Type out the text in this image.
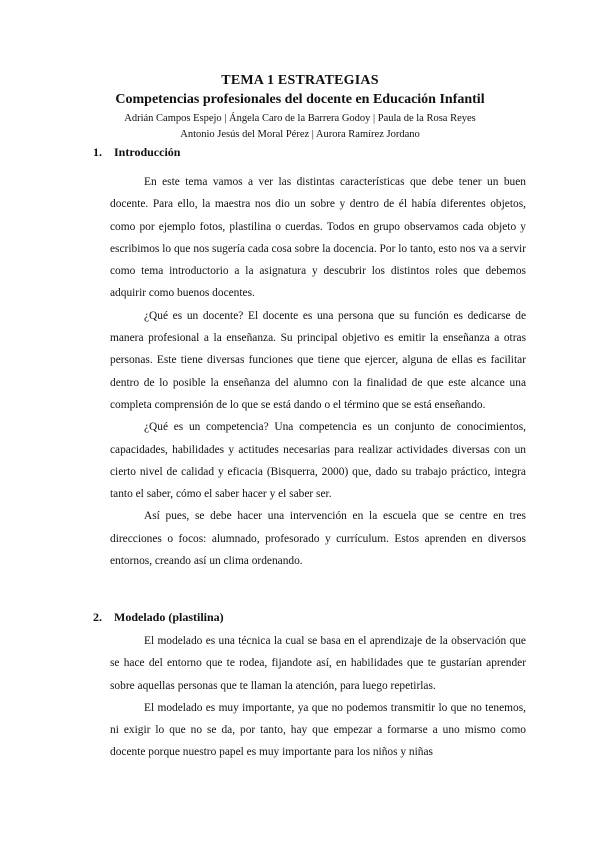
TEMA 1 ESTRATEGIAS
Competencias profesionales del docente en Educación Infantil
Adrián Campos Espejo | Ángela Caro de la Barrera Godoy | Paula de la Rosa Reyes
Antonio Jesús del Moral Pérez | Aurora Ramírez Jordano
1. Introducción

En este tema vamos a ver las distintas características que debe tener un buen docente. Para ello, la maestra nos dio un sobre y dentro de él había diferentes objetos, como por ejemplo fotos, plastilina o cuerdas. Todos en grupo observamos cada objeto y escribimos lo que nos sugería cada cosa sobre la docencia. Por lo tanto, esto nos va a servir como tema introductorio a la asignatura y descubrir los distintos roles que debemos adquirir como buenos docentes.

¿Qué es un docente? El docente es una persona que su función es dedicarse de manera profesional a la enseñanza. Su principal objetivo es emitir la enseñanza a otras personas. Este tiene diversas funciones que tiene que ejercer, alguna de ellas es facilitar dentro de lo posible la enseñanza del alumno con la finalidad de que este alcance una completa comprensión de lo que se está dando o el término que se está enseñando.

¿Qué es un competencia? Una competencia es un conjunto de conocimientos, capacidades, habilidades y actitudes necesarias para realizar actividades diversas con un cierto nivel de calidad y eficacia (Bisquerra, 2000) que, dado su trabajo práctico, integra tanto el saber, cómo el saber hacer y el saber ser.

Así pues, se debe hacer una intervención en la escuela que se centre en tres direcciones o focos: alumnado, profesorado y currículum. Estos aprenden en diversos entornos, creando así un clima ordenando.

2. Modelado (plastilina)

El modelado es una técnica la cual se basa en el aprendizaje de la observación que se hace del entorno que te rodea, fijandote así, en habilidades que te gustarían aprender sobre aquellas personas que te llaman la atención, para luego repetirlas.

El modelado es muy importante, ya que no podemos transmitir lo que no tenemos, ni exigir lo que no se da, por tanto, hay que empezar a formarse a uno mismo como docente porque nuestro papel es muy importante para los niños y niñas
